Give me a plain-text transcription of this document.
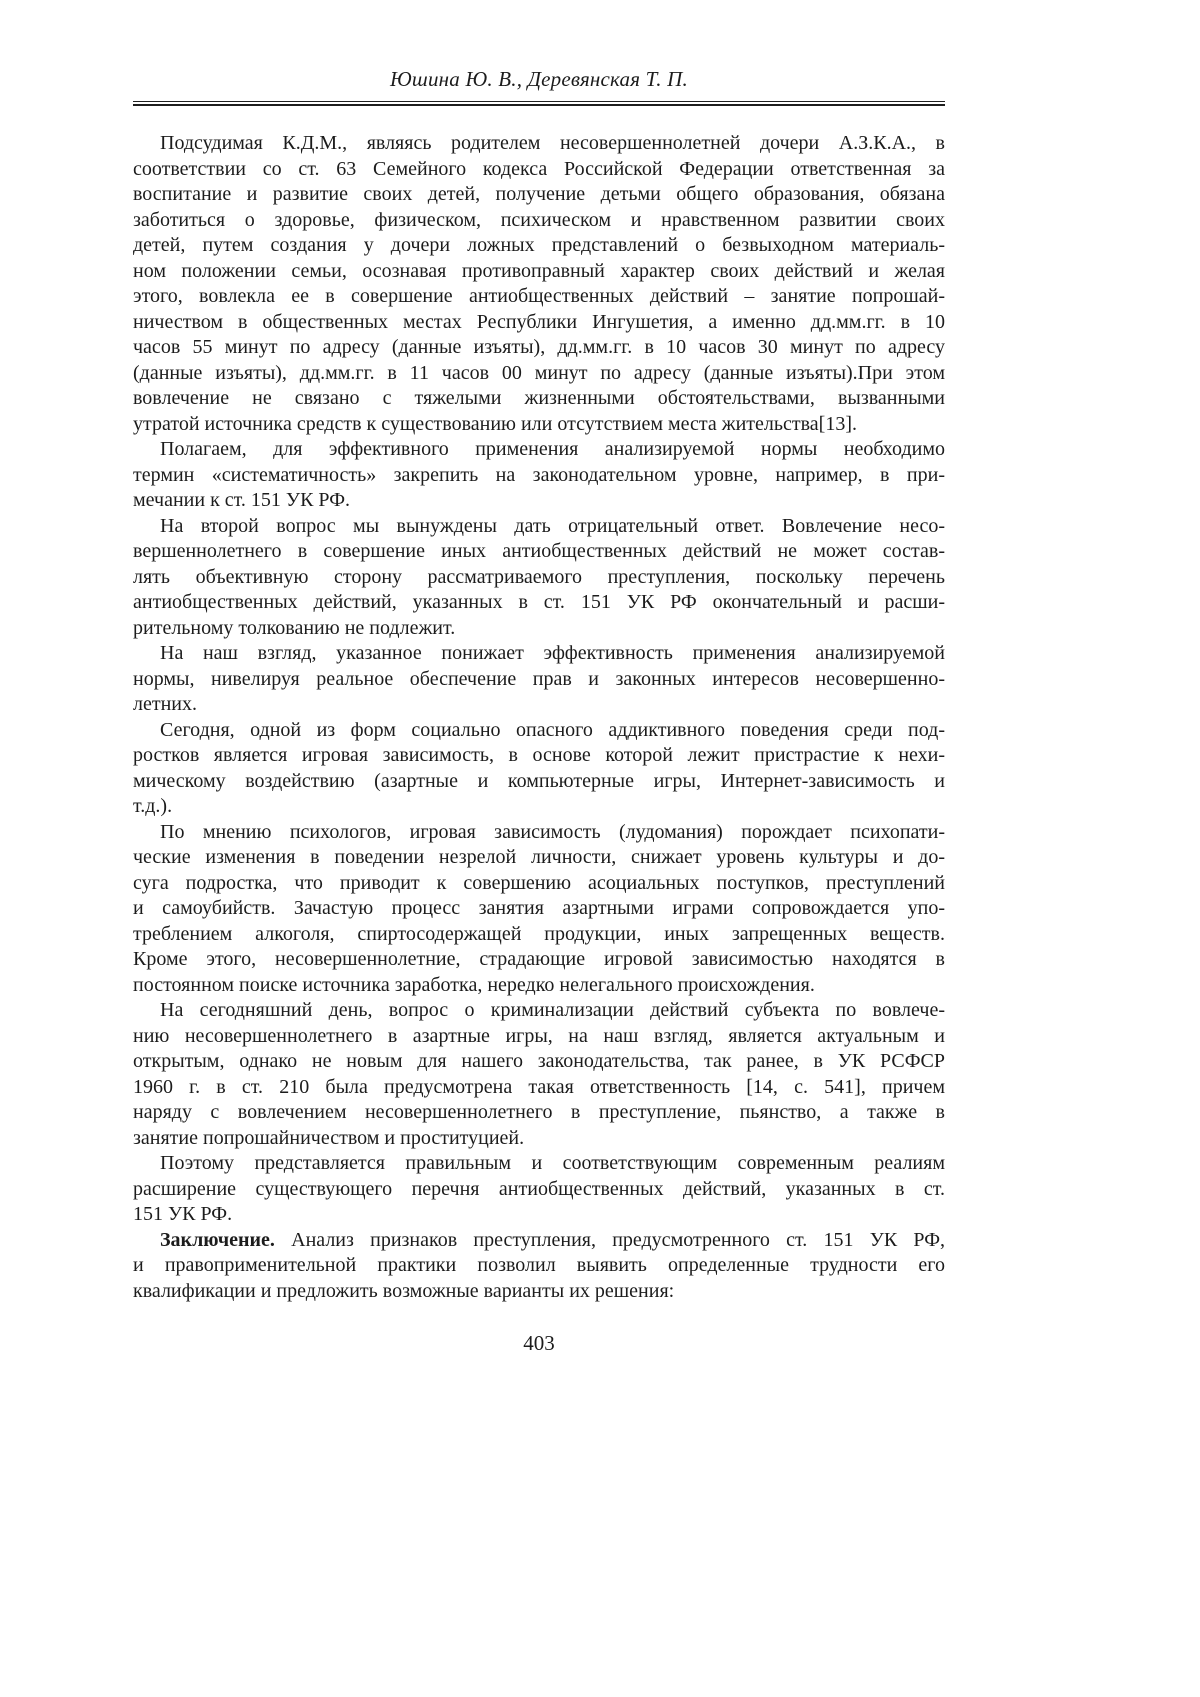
Юшина Ю. В., Деревянская Т. П.
Подсудимая К.Д.М., являясь родителем несовершеннолетней дочери А.З.К.А., в
соответствии со ст. 63 Семейного кодекса Российской Федерации ответственная за
воспитание и развитие своих детей, получение детьми общего образования, обязана
заботиться о здоровье, физическом, психическом и нравственном развитии своих
детей, путем создания у дочери ложных представлений о безвыходном материаль-
ном положении семьи, осознавая противоправный характер своих действий и желая
этого, вовлекла ее в совершение антиобщественных действий – занятие попрошай-
ничеством в общественных местах Республики Ингушетия, а именно дд.мм.гг. в 10
часов 55 минут по адресу (данные изъяты), дд.мм.гг. в 10 часов 30 минут по адресу
(данные изъяты), дд.мм.гг. в 11 часов 00 минут по адресу (данные изъяты).При этом
вовлечение не связано с тяжелыми жизненными обстоятельствами, вызванными
утратой источника средств к существованию или отсутствием места жительства[13].
Полагаем, для эффективного применения анализируемой нормы необходимо
термин «систематичность» закрепить на законодательном уровне, например, в при-
мечании к ст. 151 УК РФ.
На второй вопрос мы вынуждены дать отрицательный ответ. Вовлечение несо-
вершеннолетнего в совершение иных антиобщественных действий не может состав-
лять объективную сторону рассматриваемого преступления, поскольку перечень
антиобщественных действий, указанных в ст. 151 УК РФ окончательный и расши-
рительному толкованию не подлежит.
На наш взгляд, указанное понижает эффективность применения анализируемой
нормы, нивелируя реальное обеспечение прав и законных интересов несовершенно-
летних.
Сегодня, одной из форм социально опасного аддиктивного поведения среди под-
ростков является игровая зависимость, в основе которой лежит пристрастие к нехи-
мическому воздействию (азартные и компьютерные игры, Интернет-зависимость и
т.д.).
По мнению психологов, игровая зависимость (лудомания) порождает психопати-
ческие изменения в поведении незрелой личности, снижает уровень культуры и до-
суга подростка, что приводит к совершению асоциальных поступков, преступлений
и самоубийств. Зачастую процесс занятия азартными играми сопровождается упо-
треблением алкоголя, спиртосодержащей продукции, иных запрещенных веществ.
Кроме этого, несовершеннолетние, страдающие игровой зависимостью находятся в
постоянном поиске источника заработка, нередко нелегального происхождения.
На сегодняшний день, вопрос о криминализации действий субъекта по вовлече-
нию несовершеннолетнего в азартные игры, на наш взгляд, является актуальным и
открытым, однако не новым для нашего законодательства, так ранее, в УК РСФСР
1960 г. в ст. 210 была предусмотрена такая ответственность [14, с. 541], причем
наряду с вовлечением несовершеннолетнего в преступление, пьянство, а также в
занятие попрошайничеством и проституцией.
Поэтому представляется правильным и соответствующим современным реалиям
расширение существующего перечня антиобщественных действий, указанных в ст.
151 УК РФ.
Заключение. Анализ признаков преступления, предусмотренного ст. 151 УК РФ,
и правоприменительной практики позволил выявить определенные трудности его
квалификации и предложить возможные варианты их решения:
403
